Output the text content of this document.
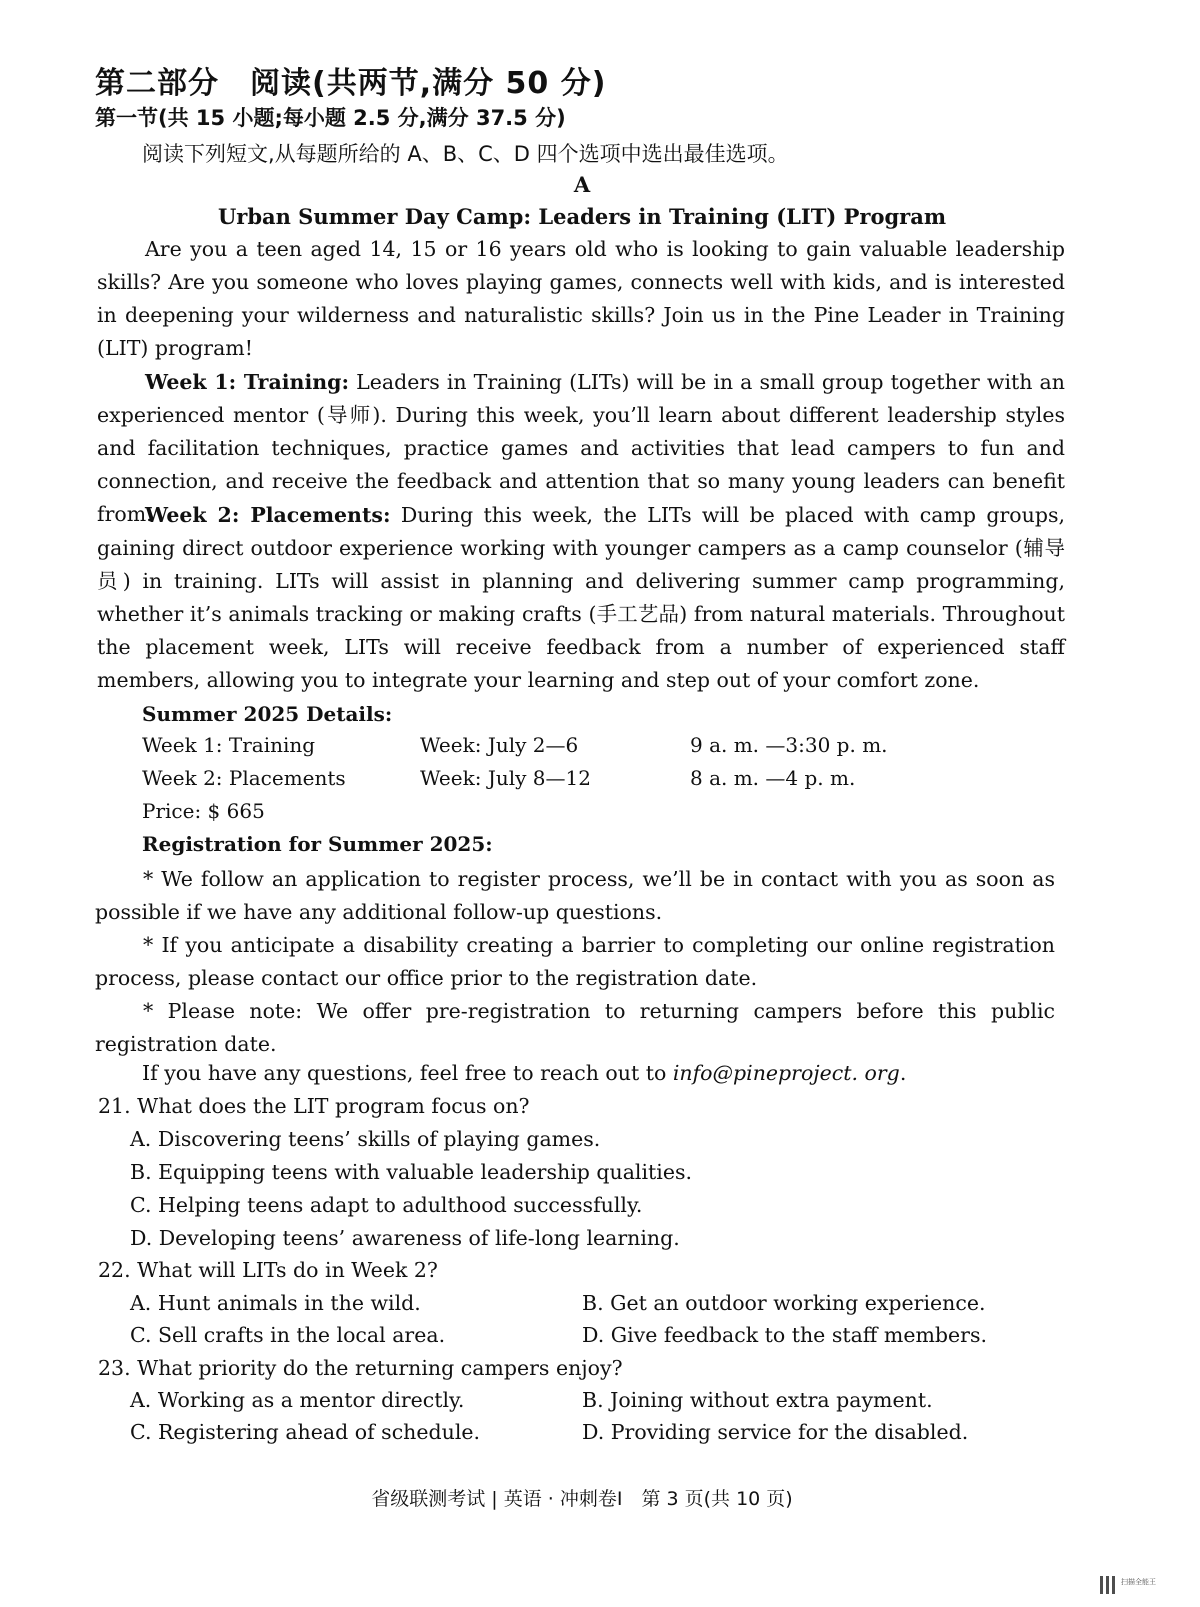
第二部分　阅读(共两节,满分 50 分)
第一节(共 15 小题;每小题 2.5 分,满分 37.5 分)
阅读下列短文,从每题所给的 A、B、C、D 四个选项中选出最佳选项。
A
Urban Summer Day Camp: Leaders in Training (LIT) Program

Are you a teen aged 14, 15 or 16 years old who is looking to gain valuable leadership skills? Are you someone who loves playing games, connects well with kids, and is interested in deepening your wilderness and naturalistic skills? Join us in the Pine Leader in Training (LIT) program!

Week 1: Training: Leaders in Training (LITs) will be in a small group together with an experienced mentor (导师). During this week, you’ll learn about different leadership styles and facilitation techniques, practice games and activities that lead campers to fun and connection, and receive the feedback and attention that so many young leaders can benefit from.

Week 2: Placements: During this week, the LITs will be placed with camp groups, gaining direct outdoor experience working with younger campers as a camp counselor (辅导员) in training. LITs will assist in planning and delivering summer camp programming, whether it’s animals tracking or making crafts (手工艺品) from natural materials. Throughout the placement week, LITs will receive feedback from a number of experienced staff members, allowing you to integrate your learning and step out of your comfort zone.

Summer 2025 Details:
Week 1: Training	Week: July 2—6	9 a. m. —3:30 p. m.
Week 2: Placements	Week: July 8—12	8 a. m. —4 p. m.
Price: $ 665
Registration for Summer 2025:

* We follow an application to register process, we’ll be in contact with you as soon as possible if we have any additional follow-up questions.

* If you anticipate a disability creating a barrier to completing our online registration process, please contact our office prior to the registration date.

* Please note: We offer pre-registration to returning campers before this public registration date.

If you have any questions, feel free to reach out to info@pineproject. org.
21. What does the LIT program focus on?
A. Discovering teens’ skills of playing games.
B. Equipping teens with valuable leadership qualities.
C. Helping teens adapt to adulthood successfully.
D. Developing teens’ awareness of life-long learning.
22. What will LITs do in Week 2?
A. Hunt animals in the wild.	B. Get an outdoor working experience.
C. Sell crafts in the local area.	D. Give feedback to the staff members.
23. What priority do the returning campers enjoy?
A. Working as a mentor directly.	B. Joining without extra payment.
C. Registering ahead of schedule.	D. Providing service for the disabled.
省级联测考试 | 英语 · 冲刺卷Ⅰ　第 3 页(共 10 页)
扫描全能王
